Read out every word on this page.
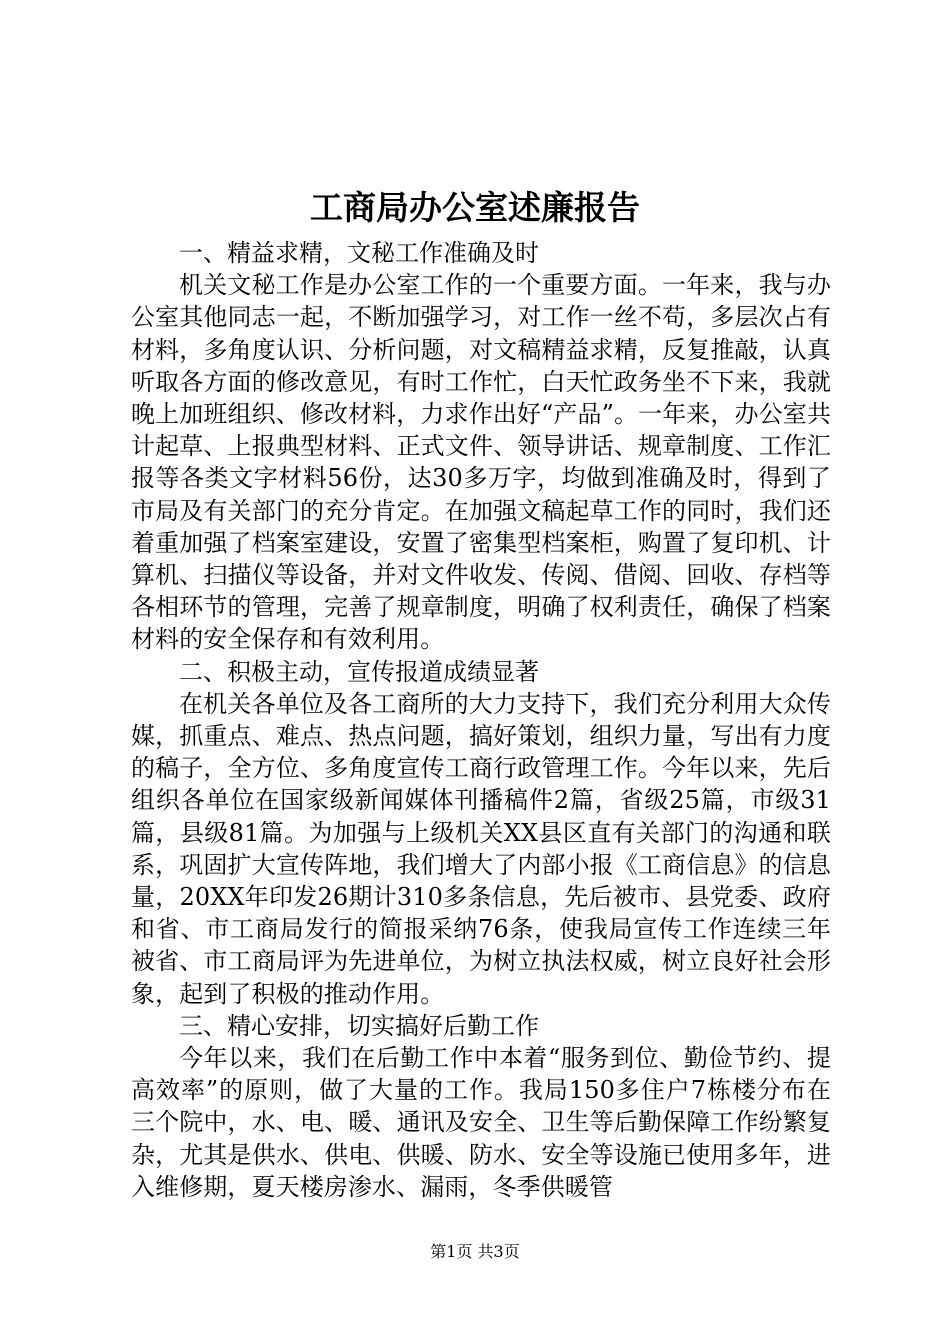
工商局办公室述廉报告

一、精益求精，文秘工作准确及时

机关文秘工作是办公室工作的一个重要方面。一年来，我与办公室其他同志一起，不断加强学习，对工作一丝不苟，多层次占有材料，多角度认识、分析问题，对文稿精益求精，反复推敲，认真听取各方面的修改意见，有时工作忙，白天忙政务坐不下来，我就晚上加班组织、修改材料，力求作出好“产品”。一年来，办公室共计起草、上报典型材料、正式文件、领导讲话、规章制度、工作汇报等各类文字材料56份，达30多万字，均做到准确及时，得到了市局及有关部门的充分肯定。在加强文稿起草工作的同时，我们还着重加强了档案室建设，安置了密集型档案柜，购置了复印机、计算机、扫描仪等设备，并对文件收发、传阅、借阅、回收、存档等各相环节的管理，完善了规章制度，明确了权利责任，确保了档案材料的安全保存和有效利用。

二、积极主动，宣传报道成绩显著

在机关各单位及各工商所的大力支持下，我们充分利用大众传媒，抓重点、难点、热点问题，搞好策划，组织力量，写出有力度的稿子，全方位、多角度宣传工商行政管理工作。今年以来，先后组织各单位在国家级新闻媒体刊播稿件2篇，省级25篇，市级31篇，县级81篇。为加强与上级机关XX县区直有关部门的沟通和联系，巩固扩大宣传阵地，我们增大了内部小报《工商信息》的信息量，20XX年印发26期计310多条信息，先后被市、县党委、政府和省、市工商局发行的简报采纳76条，使我局宣传工作连续三年被省、市工商局评为先进单位，为树立执法权威，树立良好社会形象，起到了积极的推动作用。

三、精心安排，切实搞好后勤工作

今年以来，我们在后勤工作中本着“服务到位、勤俭节约、提高效率”的原则，做了大量的工作。我局150多住户7栋楼分布在三个院中，水、电、暖、通讯及安全、卫生等后勤保障工作纷繁复杂，尤其是供水、供电、供暖、防水、安全等设施已使用多年，进入维修期，夏天楼房渗水、漏雨，冬季供暖管

第1页 共3页
